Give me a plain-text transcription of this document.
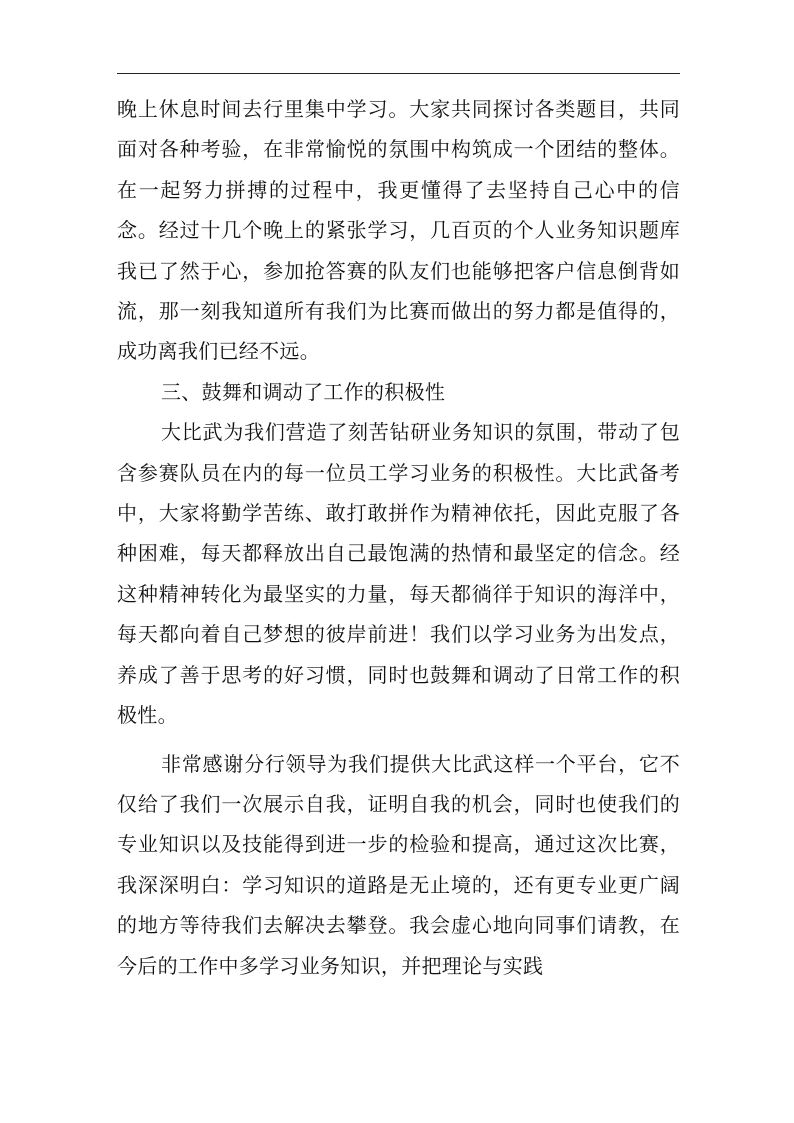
晚上休息时间去行里集中学习。大家共同探讨各类题目，共同面对各种考验，在非常愉悦的氛围中构筑成一个团结的整体。在一起努力拼搏的过程中，我更懂得了去坚持自己心中的信念。经过十几个晚上的紧张学习，几百页的个人业务知识题库我已了然于心，参加抢答赛的队友们也能够把客户信息倒背如流，那一刻我知道所有我们为比赛而做出的努力都是值得的，成功离我们已经不远。

三、鼓舞和调动了工作的积极性

大比武为我们营造了刻苦钻研业务知识的氛围，带动了包含参赛队员在内的每一位员工学习业务的积极性。大比武备考中，大家将勤学苦练、敢打敢拼作为精神依托，因此克服了各种困难，每天都释放出自己最饱满的热情和最坚定的信念。经这种精神转化为最坚实的力量，每天都徜徉于知识的海洋中，每天都向着自己梦想的彼岸前进！我们以学习业务为出发点，养成了善于思考的好习惯，同时也鼓舞和调动了日常工作的积极性。

非常感谢分行领导为我们提供大比武这样一个平台，它不仅给了我们一次展示自我，证明自我的机会，同时也使我们的专业知识以及技能得到进一步的检验和提高，通过这次比赛，我深深明白：学习知识的道路是无止境的，还有更专业更广阔的地方等待我们去解决去攀登。我会虚心地向同事们请教，在今后的工作中多学习业务知识，并把理论与实践
